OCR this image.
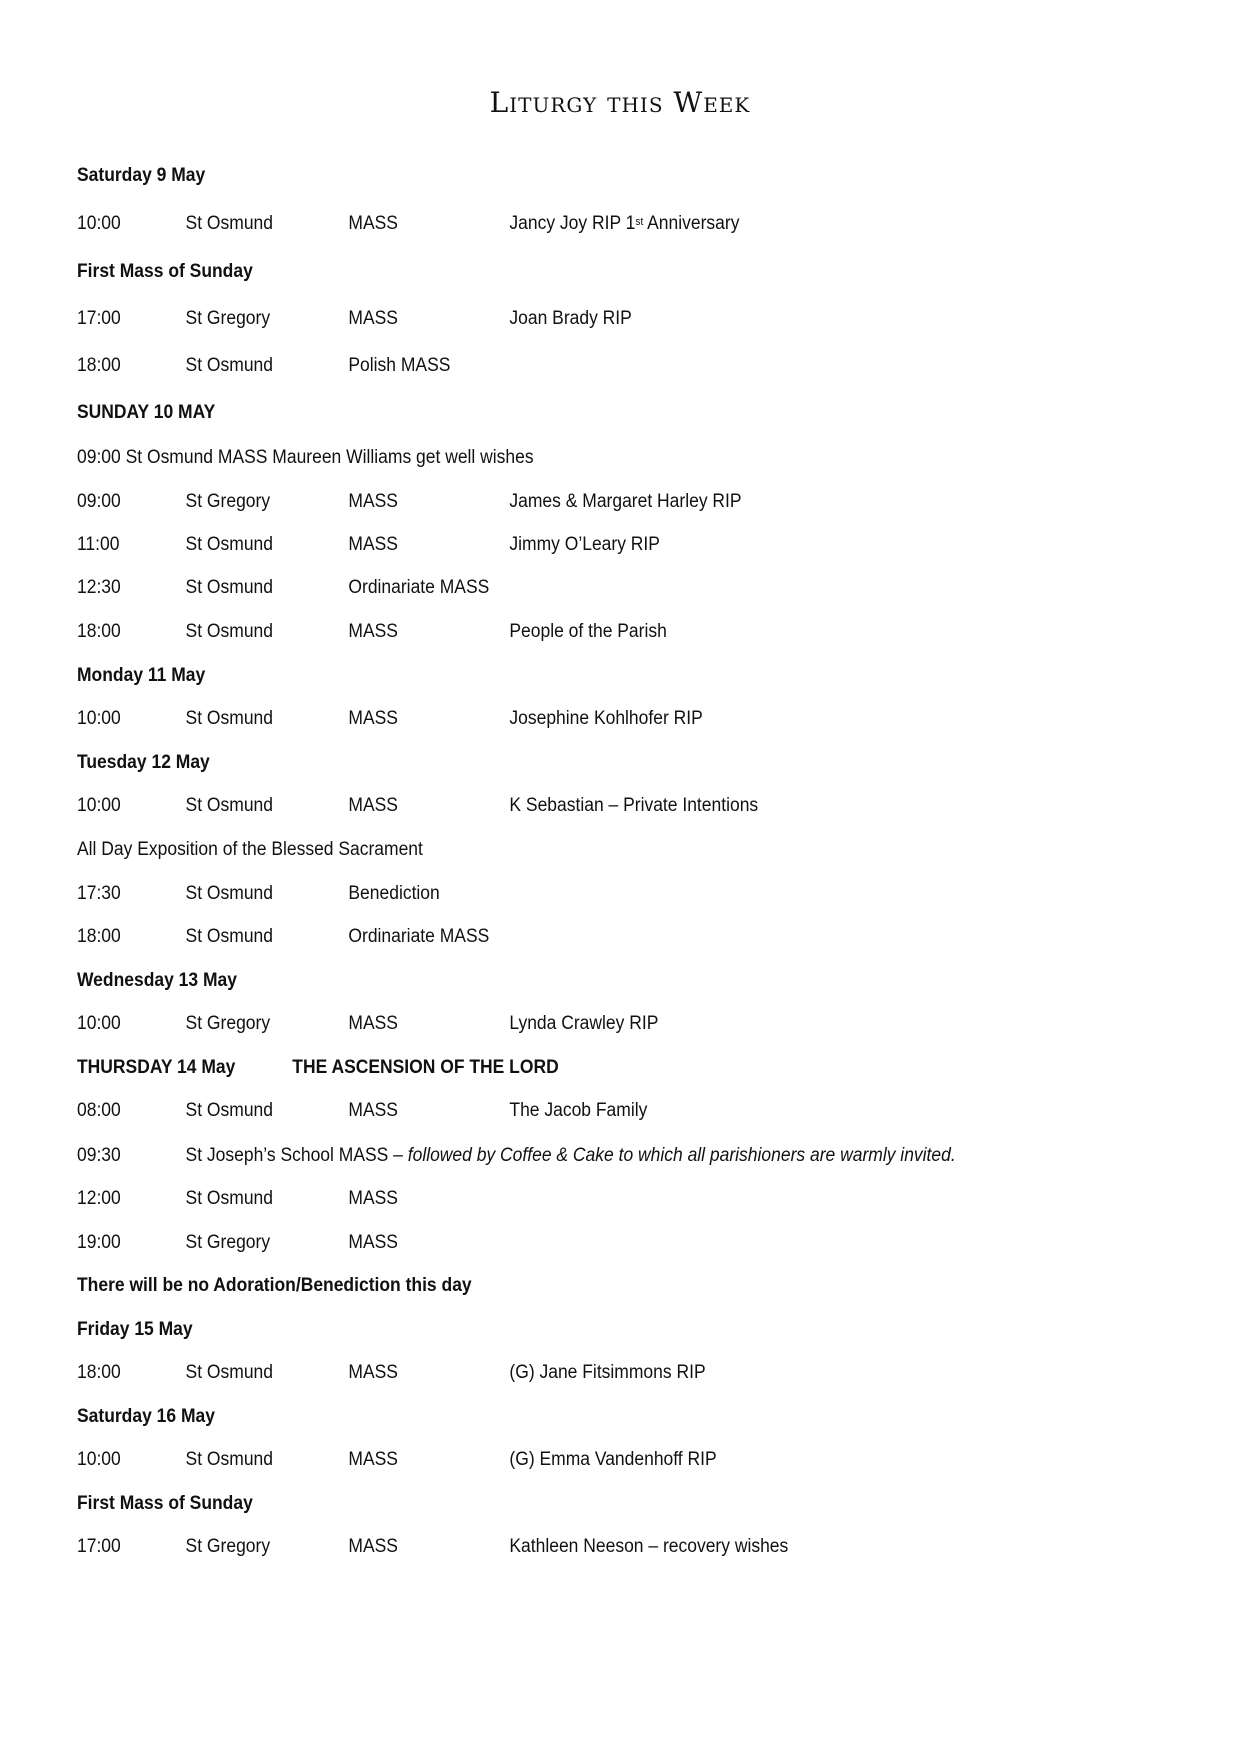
Liturgy this Week
Saturday 9 May
10:00	St Osmund	MASS	Jancy Joy RIP 1st Anniversary
First Mass of Sunday
17:00	St Gregory	MASS	Joan Brady RIP
18:00	St Osmund	Polish MASS
SUNDAY 10 MAY
09:00 St Osmund MASS Maureen Williams get well wishes
09:00	St Gregory	MASS	James & Margaret Harley RIP
11:00	St Osmund	MASS	Jimmy O’Leary RIP
12:30	St Osmund	Ordinariate MASS
18:00	St Osmund	MASS	People of the Parish
Monday 11 May
10:00	St Osmund	MASS	Josephine Kohlhofer RIP
Tuesday 12 May
10:00	St Osmund	MASS	K Sebastian – Private Intentions
All Day Exposition of the Blessed Sacrament
17:30	St Osmund	Benediction
18:00	St Osmund	Ordinariate MASS
Wednesday 13 May
10:00	St Gregory	MASS	Lynda Crawley RIP
THURSDAY 14 May	THE ASCENSION OF THE LORD
08:00	St Osmund	MASS	The Jacob Family
09:30	St Joseph’s School MASS – followed by Coffee & Cake to which all parishioners are warmly invited.
12:00	St Osmund	MASS
19:00	St Gregory	MASS
There will be no Adoration/Benediction this day
Friday 15 May
18:00	St Osmund	MASS	(G) Jane Fitsimmons RIP
Saturday 16 May
10:00	St Osmund	MASS	(G) Emma Vandenhoff RIP
First Mass of Sunday
17:00	St Gregory	MASS	Kathleen Neeson – recovery wishes
